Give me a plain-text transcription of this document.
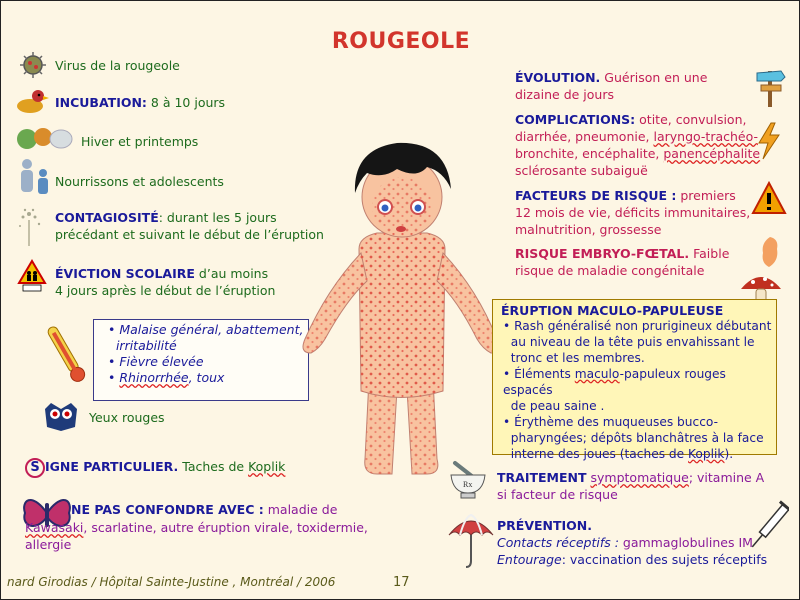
ROUGEOLE
Virus de la rougeole
INCUBATION: 8 à 10 jours
Hiver et printemps
Nourrissons et adolescents
CONTAGIOSITÉ: durant les 5 jours
précédant et suivant le début de l’éruption
ÉVICTION SCOLAIRE d’au moins
4 jours après le début de l’éruption
• Malaise général, abattement,
irritabilité
• Fièvre élevée
• Rhinorrhée, toux
Yeux rouges
S IGNE PARTICULIER. Taches de Koplik
NE PAS CONFONDRE AVEC : maladie de
Kawasaki, scarlatine, autre éruption virale, toxidermie,
allergie
Rx
ÉVOLUTION. Guérison en une
dizaine de jours
COMPLICATIONS: otite, convulsion,
diarrhée, pneumonie, laryngo-trachéo-
bronchite, encéphalite, panencéphalite
sclérosante subaiguë
FACTEURS DE RISQUE : premiers
12 mois de vie, déficits immunitaires,
malnutrition, grossesse
RISQUE EMBRYO-FŒTAL. Faible
risque de maladie congénitale
ÉRUPTION MACULO-PAPULEUSE
• Rash généralisé non prurigineux débutant
au niveau de la tête puis envahissant le
tronc et les membres.
• Éléments maculo-papuleux rouges espacés
de peau saine .
• Érythème des muqueuses bucco-
pharyngées; dépôts blanchâtres à la face
interne des joues (taches de Koplik).
TRAITEMENT symptomatique; vitamine A
si facteur de risque
PRÉVENTION.
Contacts réceptifs : gammaglobulines IM
Entourage: vaccination des sujets réceptifs
nard Girodias / Hôpital Sainte-Justine , Montréal / 2006	17
